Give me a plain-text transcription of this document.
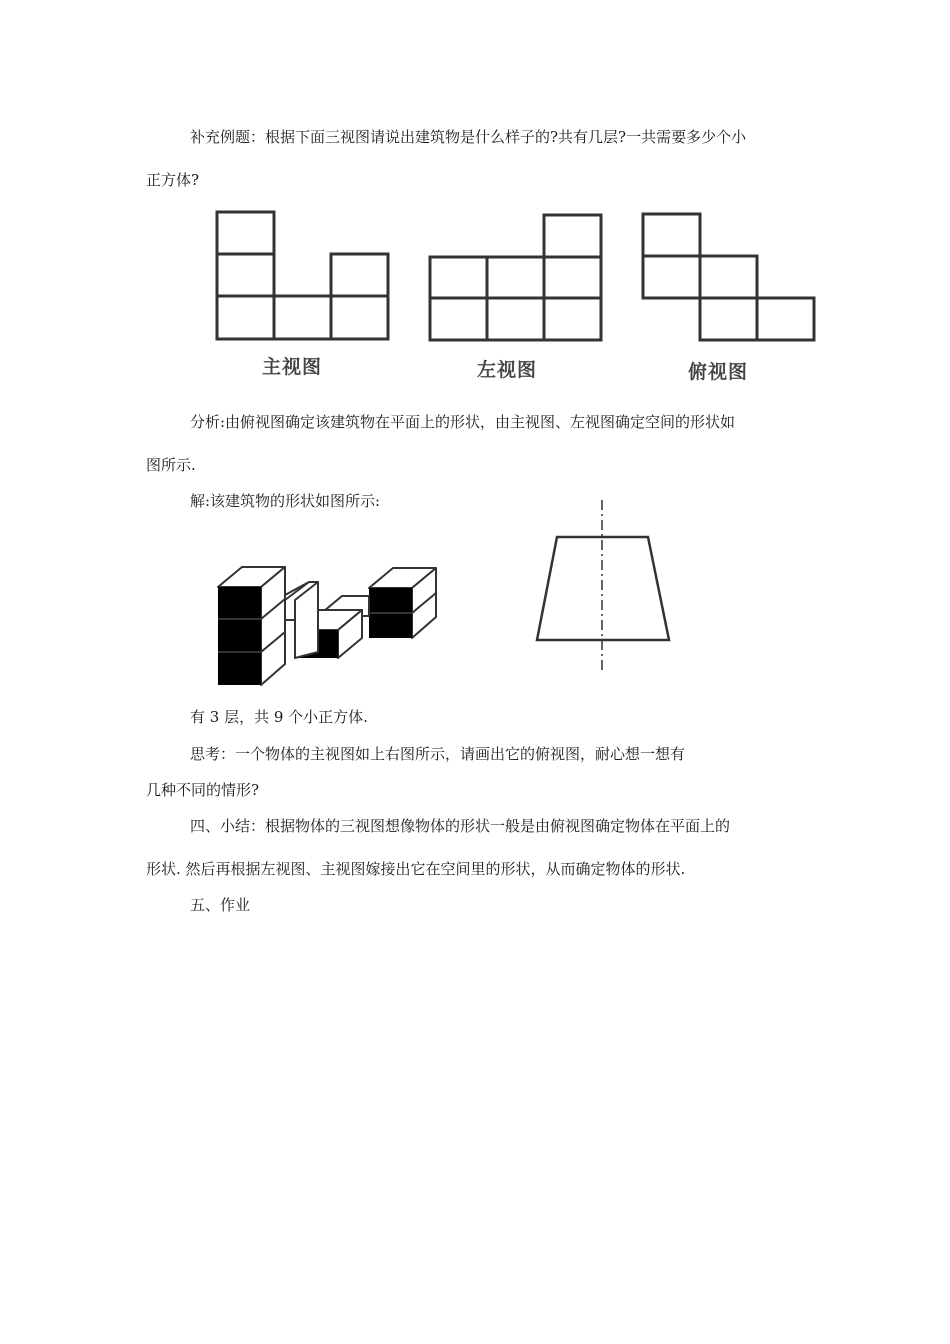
补充例题：根据下面三视图请说出建筑物是什么样子的?共有几层?一共需要多少个小

正方体?

主视图	左视图	俯视图

分析:由俯视图确定该建筑物在平面上的形状，由主视图、左视图确定空间的形状如

图所示.

解:该建筑物的形状如图所示:

有 3 层，共 9 个小正方体.

思考：一个物体的主视图如上右图所示，请画出它的俯视图，耐心想一想有

几种不同的情形?

四、小结：根据物体的三视图想像物体的形状一般是由俯视图确定物体在平面上的

形状. 然后再根据左视图、主视图嫁接出它在空间里的形状，从而确定物体的形状.

五、作业
